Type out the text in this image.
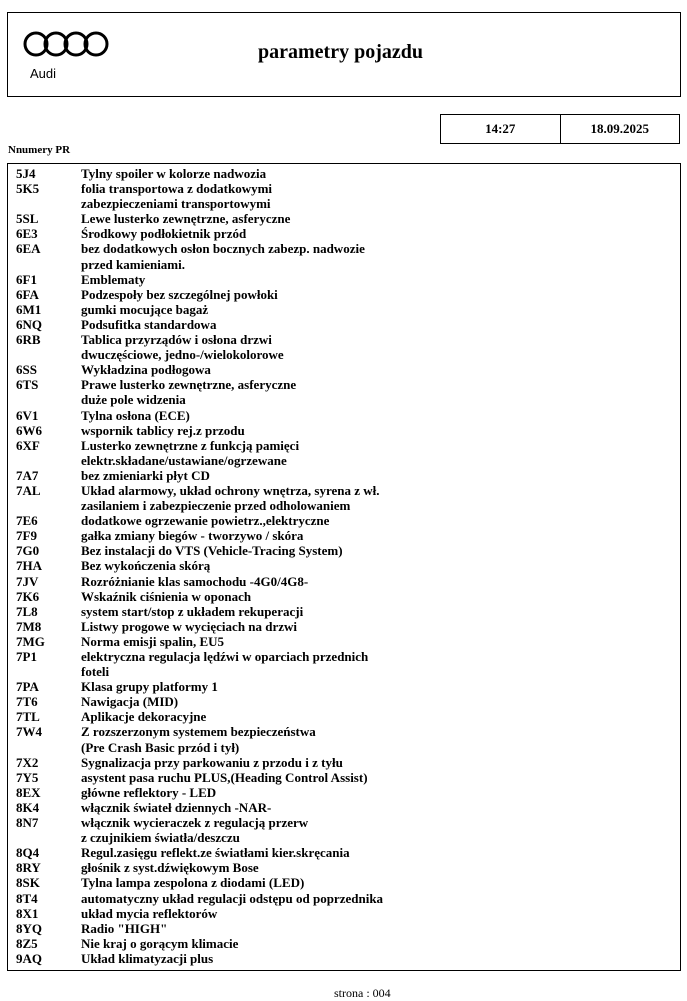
Audi
parametry pojazdu
14:27	18.09.2025
Nnumery PR
5J4	Tylny spoiler w kolorze nadwozia
5K5	folia transportowa z dodatkowymi
zabezpieczeniami transportowymi
5SL	Lewe lusterko zewnętrzne, asferyczne
6E3	Środkowy podłokietnik przód
6EA	bez dodatkowych osłon bocznych zabezp. nadwozie
przed kamieniami.
6F1	Emblematy
6FA	Podzespoły bez szczególnej powłoki
6M1	gumki mocujące bagaż
6NQ	Podsufitka standardowa
6RB	Tablica przyrządów i osłona drzwi
dwuczęściowe, jedno-/wielokolorowe
6SS	Wykładzina podłogowa
6TS	Prawe lusterko zewnętrzne, asferyczne
duże pole widzenia
6V1	Tylna osłona (ECE)
6W6	wspornik tablicy rej.z przodu
6XF	Lusterko zewnętrzne z funkcją pamięci
elektr.składane/ustawiane/ogrzewane
7A7	bez zmieniarki płyt CD
7AL	Układ alarmowy, układ ochrony wnętrza, syrena z wł.
zasilaniem i zabezpieczenie przed odholowaniem
7E6	dodatkowe ogrzewanie powietrz.,elektryczne
7F9	gałka zmiany biegów - tworzywo / skóra
7G0	Bez instalacji do VTS (Vehicle-Tracing System)
7HA	Bez wykończenia skórą
7JV	Rozróżnianie klas samochodu -4G0/4G8-
7K6	Wskaźnik ciśnienia w oponach
7L8	system start/stop z układem rekuperacji
7M8	Listwy progowe w wycięciach na drzwi
7MG	Norma emisji spalin, EU5
7P1	elektryczna regulacja lędźwi w oparciach przednich
foteli
7PA	Klasa grupy platformy 1
7T6	Nawigacja (MID)
7TL	Aplikacje dekoracyjne
7W4	Z rozszerzonym systemem bezpieczeństwa
(Pre Crash Basic przód i tył)
7X2	Sygnalizacja przy parkowaniu z przodu i z tyłu
7Y5	asystent pasa ruchu PLUS,(Heading Control Assist)
8EX	główne reflektory - LED
8K4	włącznik świateł dziennych -NAR-
8N7	włącznik wycieraczek z regulacją przerw
z czujnikiem światła/deszczu
8Q4	Regul.zasięgu reflekt.ze światłami kier.skręcania
8RY	głośnik z syst.dźwiękowym Bose
8SK	Tylna lampa zespolona z diodami (LED)
8T4	automatyczny układ regulacji odstępu od poprzednika
8X1	układ mycia reflektorów
8YQ	Radio "HIGH"
8Z5	Nie kraj o gorącym klimacie
9AQ	Układ klimatyzacji plus
strona : 004
